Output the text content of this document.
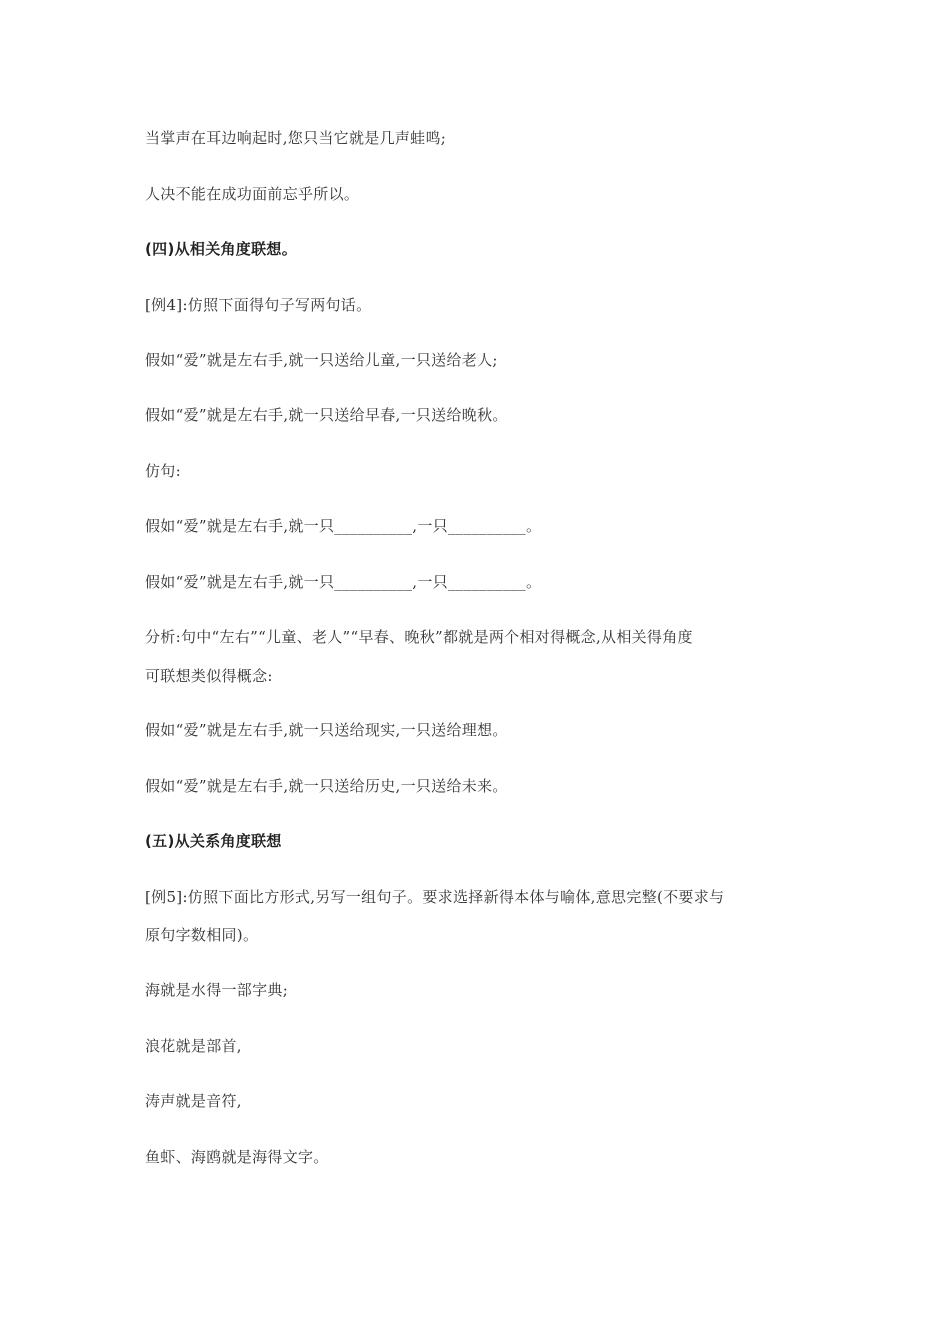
当掌声在耳边响起时,您只当它就是几声蛙鸣;
人决不能在成功面前忘乎所以。
(四)从相关角度联想。
[例4]:仿照下面得句子写两句话。
假如“爱”就是左右手,就一只送给儿童,一只送给老人;
假如“爱”就是左右手,就一只送给早春,一只送给晚秋。
仿句:
假如“爱”就是左右手,就一只__________,一只__________。
假如“爱”就是左右手,就一只__________,一只__________。
分析:句中“左右”“儿童、老人”“早春、晚秋”都就是两个相对得概念,从相关得角度
可联想类似得概念:
假如“爱”就是左右手,就一只送给现实,一只送给理想。
假如“爱”就是左右手,就一只送给历史,一只送给未来。
(五)从关系角度联想
[例5]:仿照下面比方形式,另写一组句子。要求选择新得本体与喻体,意思完整(不要求与
原句字数相同)。
海就是水得一部字典;
浪花就是部首,
涛声就是音符,
鱼虾、海鸥就是海得文字。
